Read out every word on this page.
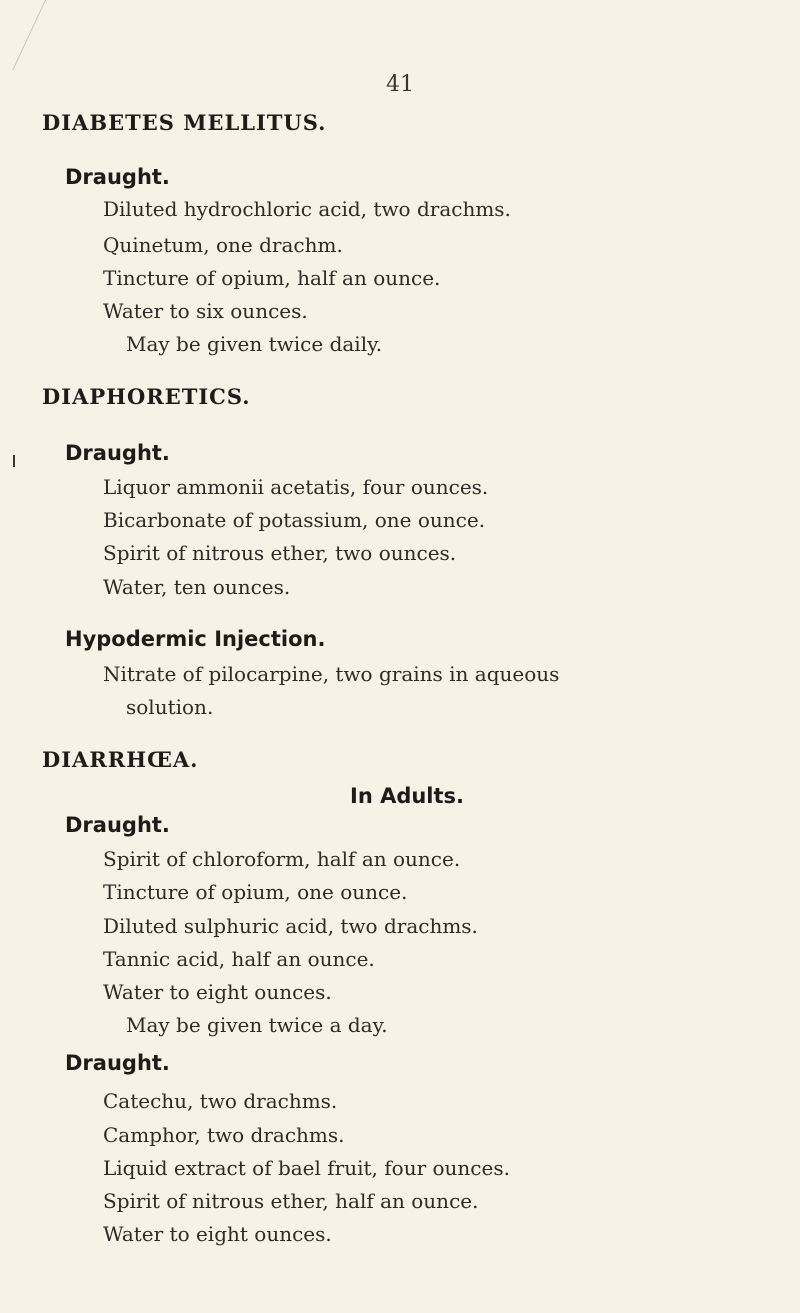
41
DIABETES MELLITUS.
Draught.
Diluted hydrochloric acid, two drachms.
Quinetum, one drachm.
Tincture of opium, half an ounce.
Water to six ounces.
May be given twice daily.
DIAPHORETICS.
Draught.
Liquor ammonii acetatis, four ounces.
Bicarbonate of potassium, one ounce.
Spirit of nitrous ether, two ounces.
Water, ten ounces.
Hypodermic Injection.
Nitrate of pilocarpine, two grains in aqueous
solution.
DIARRHŒA.
In Adults.
Draught.
Spirit of chloroform, half an ounce.
Tincture of opium, one ounce.
Diluted sulphuric acid, two drachms.
Tannic acid, half an ounce.
Water to eight ounces.
May be given twice a day.
Draught.
Catechu, two drachms.
Camphor, two drachms.
Liquid extract of bael fruit, four ounces.
Spirit of nitrous ether, half an ounce.
Water to eight ounces.
